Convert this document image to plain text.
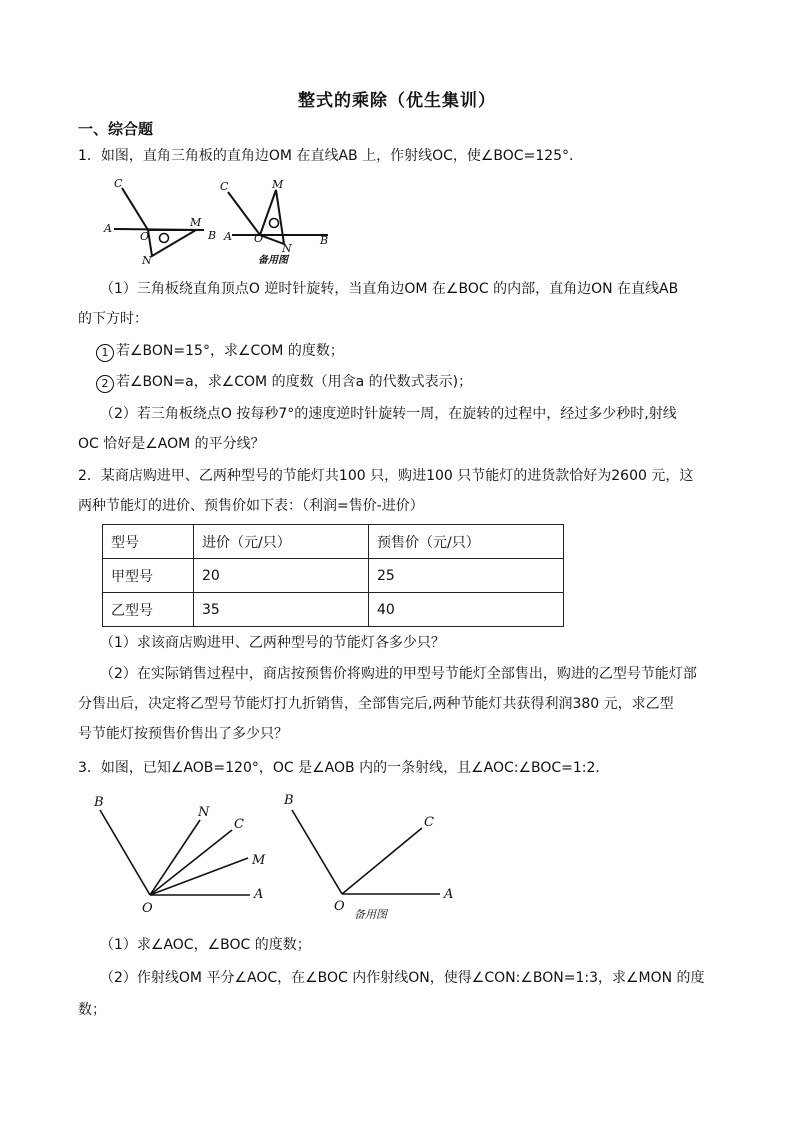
整式的乘除（优生集训）
一、综合题
1．如图，直角三角板的直角边OM 在直线AB 上，作射线OC，使∠BOC=125°．
C
A
O
M
B
N
C
A O
M
N
B
备用图
（1）三角板绕直角顶点O 逆时针旋转，当直角边OM 在∠BOC 的内部，直角边ON 在直线AB
的下方时：
1 若∠BON=15°，求∠COM 的度数；
2 若∠BON=a，求∠COM 的度数（用含a 的代数式表示)；
（2）若三角板绕点O 按每秒7°的速度逆时针旋转一周，在旋转的过程中，经过多少秒时,射线
OC 恰好是∠AOM 的平分线？
2．某商店购进甲、乙两种型号的节能灯共100 只，购进100 只节能灯的进货款恰好为2600 元，这
两种节能灯的进价、预售价如下表：（利润=售价-进价）
型号	进价（元/只）	预售价（元/只）
甲型号	20	25
乙型号	35	40
（1）求该商店购进甲、乙两种型号的节能灯各多少只？
（2）在实际销售过程中，商店按预售价将购进的甲型号节能灯全部售出，购进的乙型号节能灯部
分售出后，决定将乙型号节能灯打九折销售，全部售完后,两种节能灯共获得利润380 元，求乙型
号节能灯按预售价售出了多少只？
3．如图，已知∠AOB=120°，OC 是∠AOB 内的一条射线，且∠AOC:∠BOC=1:2．
B
N
C
M
A
O
B
C
A
O
备用图
（1）求∠AOC，∠BOC 的度数；
（2）作射线OM 平分∠AOC，在∠BOC 内作射线ON，使得∠CON:∠BON=1:3，求∠MON 的度
数；
